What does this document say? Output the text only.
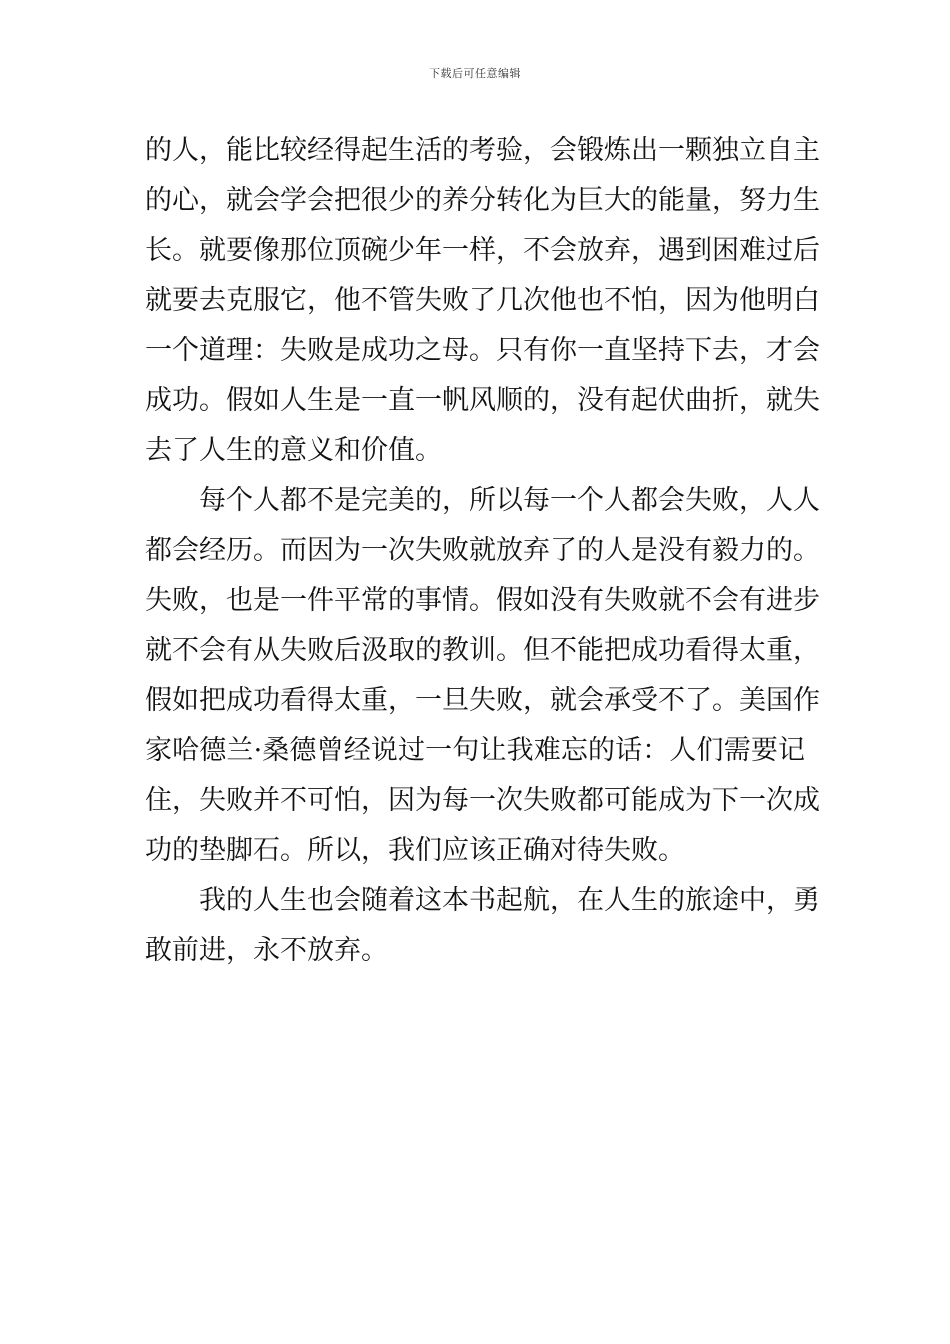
下载后可任意编辑
的人，能比较经得起生活的考验，会锻炼出一颗独立自主
的心，就会学会把很少的养分转化为巨大的能量，努力生
长。就要像那位顶碗少年一样，不会放弃，遇到困难过后
就要去克服它，他不管失败了几次他也不怕，因为他明白
一个道理：失败是成功之母。只有你一直坚持下去，才会
成功。假如人生是一直一帆风顺的，没有起伏曲折，就失
去了人生的意义和价值。
每个人都不是完美的，所以每一个人都会失败，人人
都会经历。而因为一次失败就放弃了的人是没有毅力的。
失败，也是一件平常的事情。假如没有失败就不会有进步
就不会有从失败后汲取的教训。但不能把成功看得太重，
假如把成功看得太重，一旦失败，就会承受不了。美国作
家哈德兰·桑德曾经说过一句让我难忘的话：人们需要记
住，失败并不可怕，因为每一次失败都可能成为下一次成
功的垫脚石。所以，我们应该正确对待失败。
我的人生也会随着这本书起航，在人生的旅途中，勇
敢前进，永不放弃。
